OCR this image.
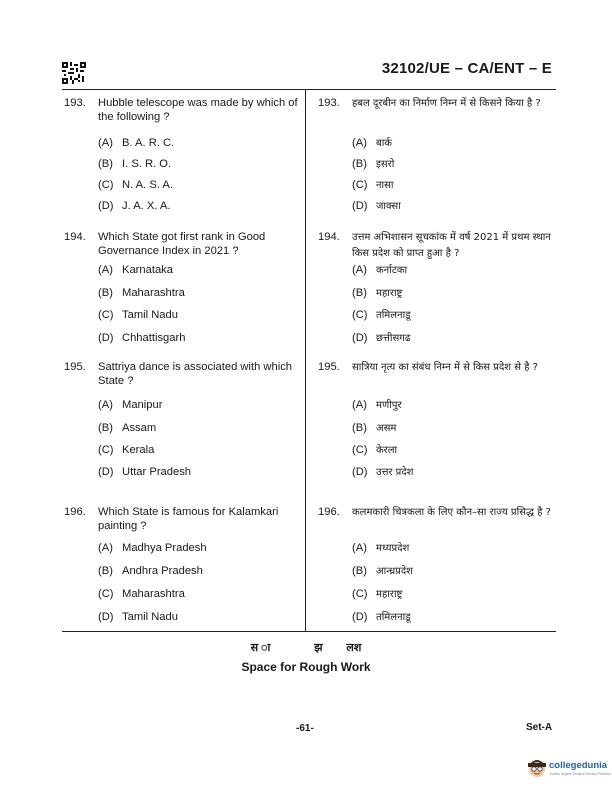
32102/UE – CA/ENT – E
193. Hubble telescope was made by which of the following ?
(A) B. A. R. C.
(B) I. S. R. O.
(C) N. A. S. A.
(D) J. A. X. A.
193. हबल दूरबीन का निर्माण निम्न में से किसने किया है ?
(A) बार्क
(B) इसरो
(C) नासा
(D) जाक्सा
194. Which State got first rank in Good Governance Index in 2021 ?
(A) Karnataka
(B) Maharashtra
(C) Tamil Nadu
(D) Chhattisgarh
194. उत्तम अभिशासन सूचकांक में वर्ष 2021 में प्रथम स्थान किस प्रदेश को प्राप्त हुआ है ?
(A) कर्नाटका
(B) महाराष्ट्र
(C) तमिलनाडू
(D) छत्तीसगढ
195. Sattriya dance is associated with which State ?
(A) Manipur
(B) Assam
(C) Kerala
(D) Uttar Pradesh
195. सात्रिया नृत्य का संबंध निम्न में से किस प्रदेश से है ?
(A) मणीपुर
(B) असम
(C) केरला
(D) उत्तर प्रदेश
196. Which State is famous for Kalamkari painting ?
(A) Madhya Pradesh
(B) Andhra Pradesh
(C) Maharashtra
(D) Tamil Nadu
196. कलमकारी चित्रकला के लिए कौन–सा राज्य प्रसिद्ध है ?
(A) मध्यप्रदेश
(B) आन्ध्रप्रदेश
(C) महाराष्ट्र
(D) तमिलनाडू
स ा झ लश
Space for Rough Work
-61-	Set-A
collegedunia
India's largest Student Review Platform
